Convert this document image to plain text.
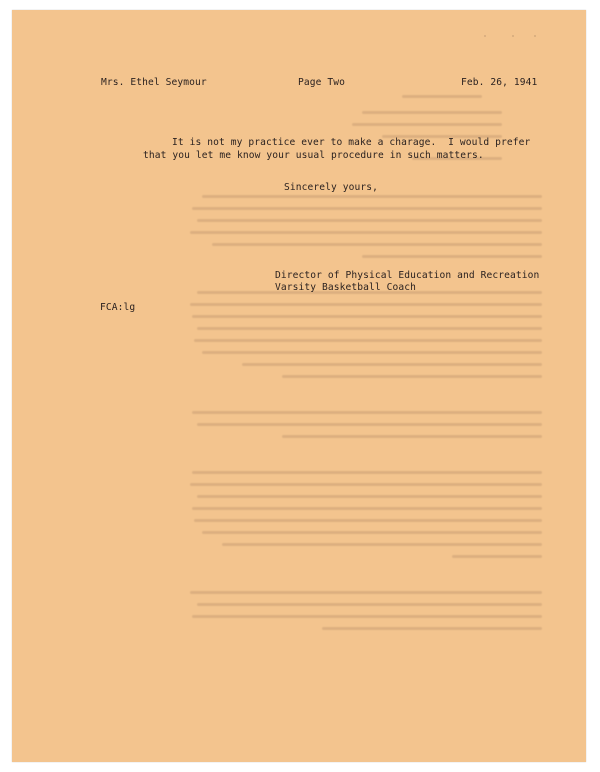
Mrs. Ethel Seymour	Page Two	Feb. 26, 1941
It is not my practice ever to make a charage.  I would prefer
that you let me know your usual procedure in such matters.
Sincerely yours,
Director of Physical Education and Recreation
Varsity Basketball Coach
FCA:lg
